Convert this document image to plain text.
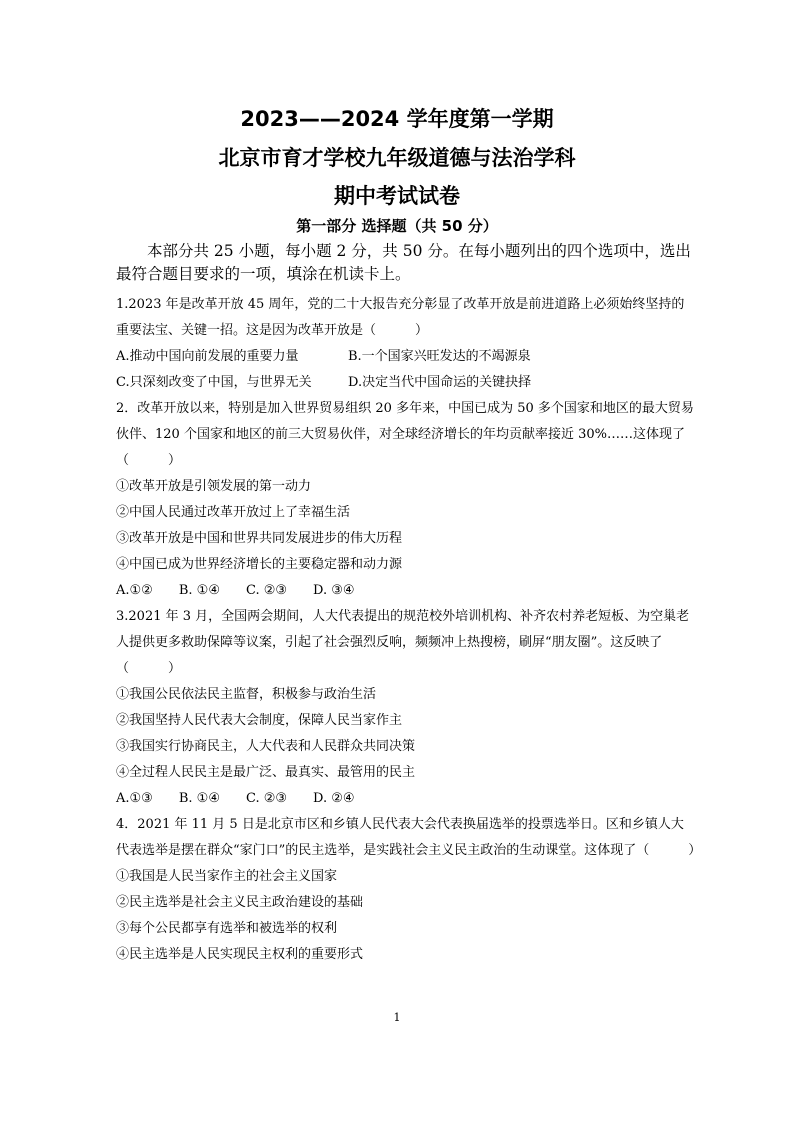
2023——2024 学年度第一学期
北京市育才学校九年级道德与法治学科
期中考试试卷
第一部分 选择题（共 50 分）

本部分共 25 小题，每小题 2 分，共 50 分。在每小题列出的四个选项中，选出最符合题目要求的一项，填涂在机读卡上。

1.2023 年是改革开放 45 周年，党的二十大报告充分彰显了改革开放是前进道路上必须始终坚持的重要法宝、关键一招。这是因为改革开放是（　　　）

A.推动中国向前发展的重要力量	B.一个国家兴旺发达的不竭源泉

C.只深刻改变了中国，与世界无关	D.决定当代中国命运的关键抉择

2．改革开放以来，特别是加入世界贸易组织 20 多年来，中国已成为 50 多个国家和地区的最大贸易伙伴、120 个国家和地区的前三大贸易伙伴，对全球经济增长的年均贡献率接近 30%……这体现了（　　　）

①改革开放是引领发展的第一动力

②中国人民通过改革开放过上了幸福生活

③改革开放是中国和世界共同发展进步的伟大历程

④中国已成为世界经济增长的主要稳定器和动力源

A.①② B. ①④ C. ②③ D. ③④

3.2021 年 3 月，全国两会期间，人大代表提出的规范校外培训机构、补齐农村养老短板、为空巢老人提供更多救助保障等议案，引起了社会强烈反响，频频冲上热搜榜，刷屏“朋友圈”。这反映了（　　　）

①我国公民依法民主监督，积极参与政治生活

②我国坚持人民代表大会制度，保障人民当家作主

③我国实行协商民主，人大代表和人民群众共同决策

④全过程人民民主是最广泛、最真实、最管用的民主

A.①③ B. ①④ C. ②③ D. ②④

4．2021 年 11 月 5 日是北京市区和乡镇人民代表大会代表换届选举的投票选举日。区和乡镇人大代表选举是摆在群众“家门口”的民主选举，是实践社会主义民主政治的生动课堂。这体现了（　　　）

①我国是人民当家作主的社会主义国家

②民主选举是社会主义民主政治建设的基础

③每个公民都享有选举和被选举的权利

④民主选举是人民实现民主权利的重要形式

1
